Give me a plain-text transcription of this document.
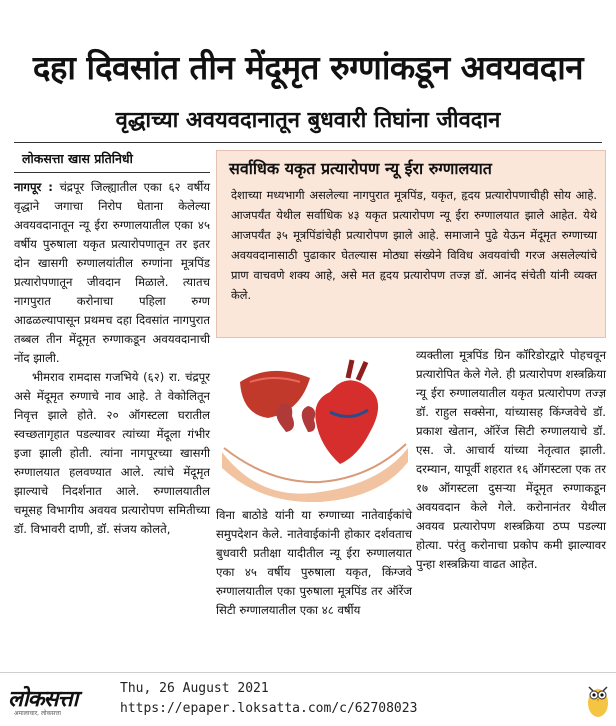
दहा दिवसांत तीन मेंदूमृत रुग्णांकडून अवयवदान
वृद्धाच्या अवयवदानातून बुधवारी तिघांना जीवदान
लोकसत्ता खास प्रतिनिधी
सर्वाधिक यकृत प्रत्यारोपण न्यू ईरा रुग्णालयात
देशाच्या मध्यभागी असलेल्या नागपुरात मूत्रपिंड, यकृत, हृदय प्रत्यारोपणाचीही सोय आहे. आजपर्यंत येथील सर्वाधिक ४३ यकृत प्रत्यारोपण न्यू ईरा रुग्णालयात झाले आहेत. येथे आजपर्यंत ३५ मूत्रपिंडांचेही प्रत्यारोपण झाले आहे. समाजाने पुढे येऊन मेंदूमृत रुग्णाच्या अवयवदानासाठी पुढाकार घेतल्यास मोठ्या संख्येने विविध अवयवांची गरज असलेल्यांचे प्राण वाचवणे शक्य आहे, असे मत हृदय प्रत्यारोपण तज्ज्ञ डॉ. आनंद संचेती यांनी व्यक्त केले.

नागपूर : चंद्रपूर जिल्ह्यातील एका ६२ वर्षीय वृद्धाने जगाचा निरोप घेताना केलेल्या अवयवदानातून न्यू ईरा रुग्णालयातील एका ४५ वर्षीय पुरुषाला यकृत प्रत्यारोपणातून तर इतर दोन खासगी रुग्णालयांतील रुग्णांना मूत्रपिंड प्रत्यारोपणातून जीवदान मिळाले. त्यातच नागपुरात करोनाचा पहिला रुग्ण आढळल्यापासून प्रथमच दहा दिवसांत नागपुरात तब्बल तीन मेंदूमृत रुग्णाकडून अवयवदानाची नोंद झाली.

भीमराव रामदास गजभिये (६२) रा. चंद्रपूर असे मेंदूमृत रुग्णाचे नाव आहे. ते वेकोलितून निवृत्त झाले होते. २० ऑगस्टला घरातील स्वच्छतागृहात पडल्यावर त्यांच्या मेंदूला गंभीर इजा झाली होती. त्यांना नागपूरच्या खासगी रुग्णालयात हलवण्यात आले. त्यांचे मेंदूमृत झाल्याचे निदर्शनात आले. रुग्णालयातील चमूसह विभागीय अवयव प्रत्यारोपण समितीच्या डॉ. विभावरी दाणी, डॉ. संजय कोलते,

विना बाठोडे यांनी या रुग्णाच्या नातेवाईकांचे समुपदेशन केले. नातेवाईकांनी होकार दर्शवताच बुधवारी प्रतीक्षा यादीतील न्यू ईरा रुग्णालयात एका ४५ वर्षीय पुरुषाला यकृत, किंग्जवे रुग्णालयातील एका पुरुषाला मूत्रपिंड तर ऑरेंज सिटी रुग्णालयातील एका ४८ वर्षीय
व्यक्तीला मूत्रपिंड ग्रिन कॉरिडोरद्वारे पोहचवून प्रत्यारोपित केले गेले. ही प्रत्यारोपण शस्त्रक्रिया न्यू ईरा रुग्णालयातील यकृत प्रत्यारोपण तज्ज्ञ डॉ. राहुल सक्सेना, यांच्यासह किंग्जवेचे डॉ. प्रकाश खेतान, ऑरेंज सिटी रुग्णालयाचे डॉ. एस. जे. आचार्य यांच्या नेतृत्वात झाली. दरम्यान, यापूर्वी शहरात १६ ऑगस्टला एक तर १७ ऑगस्टला दुसऱ्या मेंदूमृत रुग्णाकडून अवयवदान केले गेले. करोनानंतर येथील अवयव प्रत्यारोपण शस्त्रक्रिया ठप्प पडल्या होत्या. परंतु करोनाचा प्रकोप कमी झाल्यावर पुन्हा शस्त्रक्रिया वाढत आहेत.
लोकसत्ता
अमालाचार, लोकसत्ता
Thu, 26 August 2021
https://epaper.loksatta.com/c/62708023
